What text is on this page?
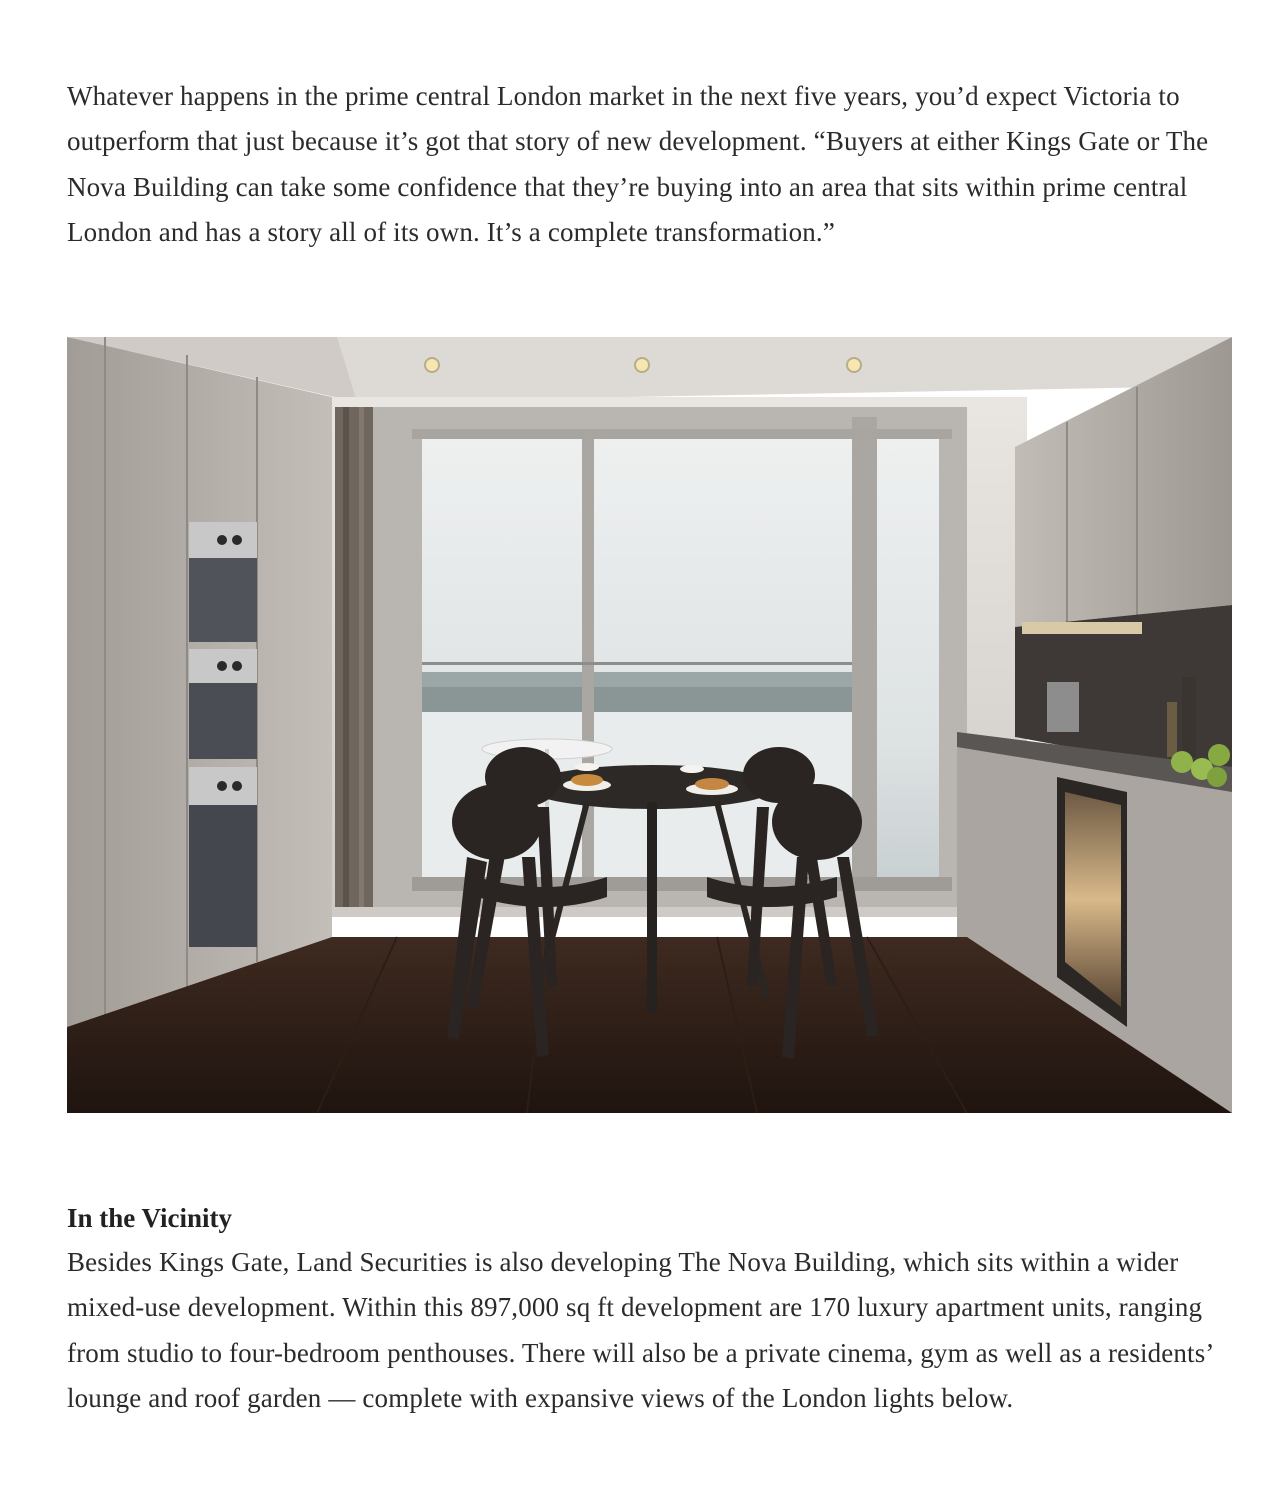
Whatever happens in the prime central London market in the next five years, you’d expect Victoria to outperform that just because it’s got that story of new development. “Buyers at either Kings Gate or The Nova Building can take some confidence that they’re buying into an area that sits within prime central London and has a story all of its own. It’s a complete transformation.”

In the Vicinity

Besides Kings Gate, Land Securities is also developing The Nova Building, which sits within a wider mixed-use development. Within this 897,000 sq ft development are 170 luxury apartment units, ranging from studio to four-bedroom penthouses. There will also be a private cinema, gym as well as a residents’ lounge and roof garden — complete with expansive views of the London lights below.
